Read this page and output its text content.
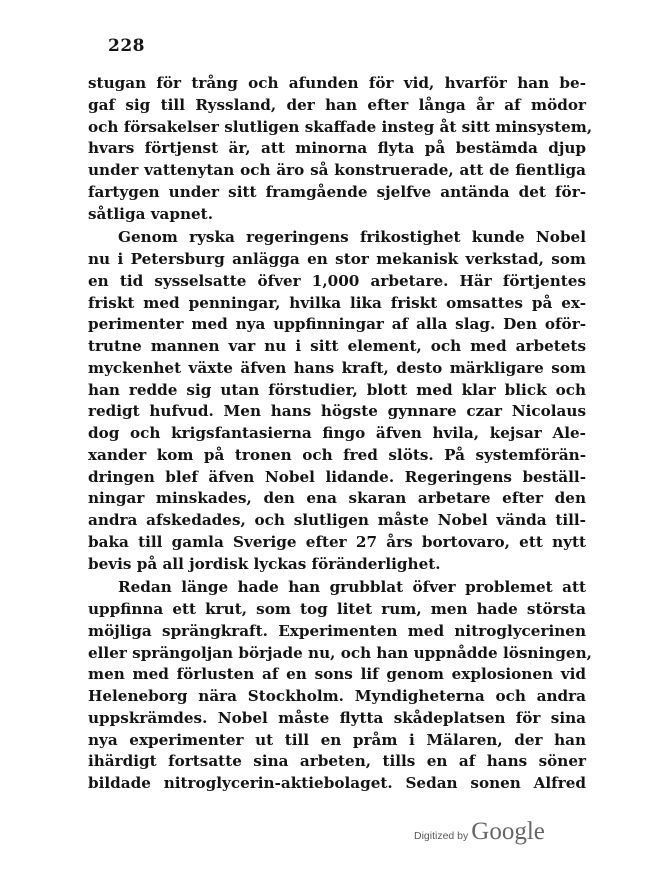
228
stugan för trång och afunden för vid, hvarför han be-
gaf sig till Ryssland, der han efter långa år af mödor
och försakelser slutligen skaffade insteg åt sitt minsystem,
hvars förtjenst är, att minorna flyta på bestämda djup
under vattenytan och äro så konstruerade, att de fientliga
fartygen under sitt framgående sjelfve antända det för-
såtliga vapnet.
Genom ryska regeringens frikostighet kunde Nobel
nu i Petersburg anlägga en stor mekanisk verkstad, som
en tid sysselsatte öfver 1,000 arbetare. Här förtjentes
friskt med penningar, hvilka lika friskt omsattes på ex-
perimenter med nya uppfinningar af alla slag. Den oför-
trutne mannen var nu i sitt element, och med arbetets
myckenhet växte äfven hans kraft, desto märkligare som
han redde sig utan förstudier, blott med klar blick och
redigt hufvud. Men hans högste gynnare czar Nicolaus
dog och krigsfantasierna fingo äfven hvila, kejsar Ale-
xander kom på tronen och fred slöts. På systemförän-
dringen blef äfven Nobel lidande. Regeringens beställ-
ningar minskades, den ena skaran arbetare efter den
andra afskedades, och slutligen måste Nobel vända till-
baka till gamla Sverige efter 27 års bortovaro, ett nytt
bevis på all jordisk lyckas föränderlighet.
Redan länge hade han grubblat öfver problemet att
uppfinna ett krut, som tog litet rum, men hade största
möjliga sprängkraft. Experimenten med nitroglycerinen
eller sprängoljan började nu, och han uppnådde lösningen,
men med förlusten af en sons lif genom explosionen vid
Heleneborg nära Stockholm. Myndigheterna och andra
uppskrämdes. Nobel måste flytta skådeplatsen för sina
nya experimenter ut till en pråm i Mälaren, der han
ihärdigt fortsatte sina arbeten, tills en af hans söner
bildade nitroglycerin-aktiebolaget. Sedan sonen Alfred
Digitized by Google
